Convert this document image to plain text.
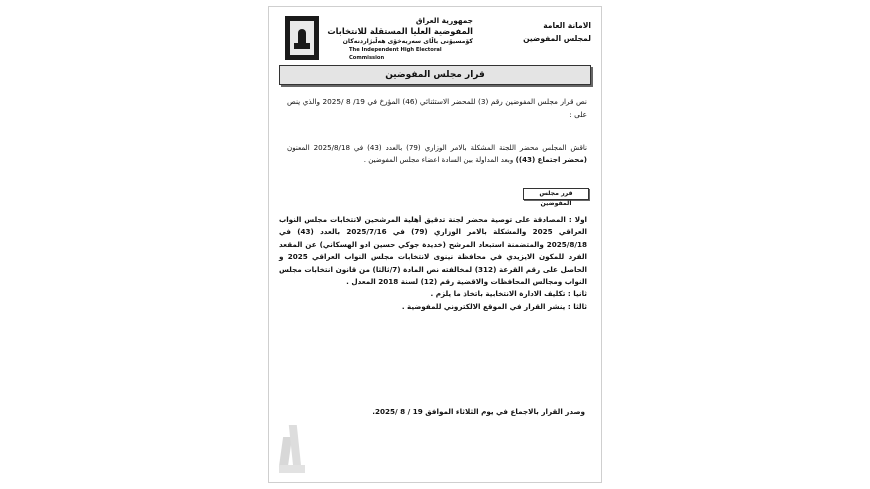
الامانة العامة
لمجلس المفوضين
جمهورية العراق
المفوضية العليا المستقلة للانتخابات
کۆمسیۆنی باڵای سەربەخۆی هەڵبژاردنەکان
The Independent High Electoral Commission
قرار مجلس المفوضين
نص قرار مجلس المفوضين رقم (3) للمحضر الاستثنائي (46) المؤرخ في 19/ 8 /2025 والذي ينص على :
ناقش المجلس محضر اللجنة المشكلة بالامر الوزاري (79) بالعدد (43) في 2025/8/18 المعنون (محضر اجتماع (43)) وبعد المداولة بين السادة اعضاء مجلس المفوضين .
قرر مجلس المفوضين

اولا : المصادقة على توصية محضر لجنة تدقيق أهلية المرشحين لانتخابات مجلس النواب العراقي 2025 والمشكلة بالامر الوزاري (79) في 2025/7/16 بالعدد (43) في 2025/8/18 والمتضمنة استبعاد المرشح (خديدة جوكي حسين ادو الهسكاني) عن المقعد الفرد للمكون الايزيدي في محافظة نينوى لانتخابات مجلس النواب العراقي 2025 و الحاصل على رقم القرعة (312) لمخالفته نص المادة (7/ثالثا) من قانون انتخابات مجلس النواب ومجالس المحافظات والاقضية رقم (12) لسنة 2018 المعدل .

ثانيا : تكليف الادارة الانتخابية باتخاذ ما يلزم .

ثالثا : ينشر القرار في الموقع الالكتروني للمفوضية .

وصدر القرار بالاجماع في يوم الثلاثاء الموافق 19 / 8 /2025.
